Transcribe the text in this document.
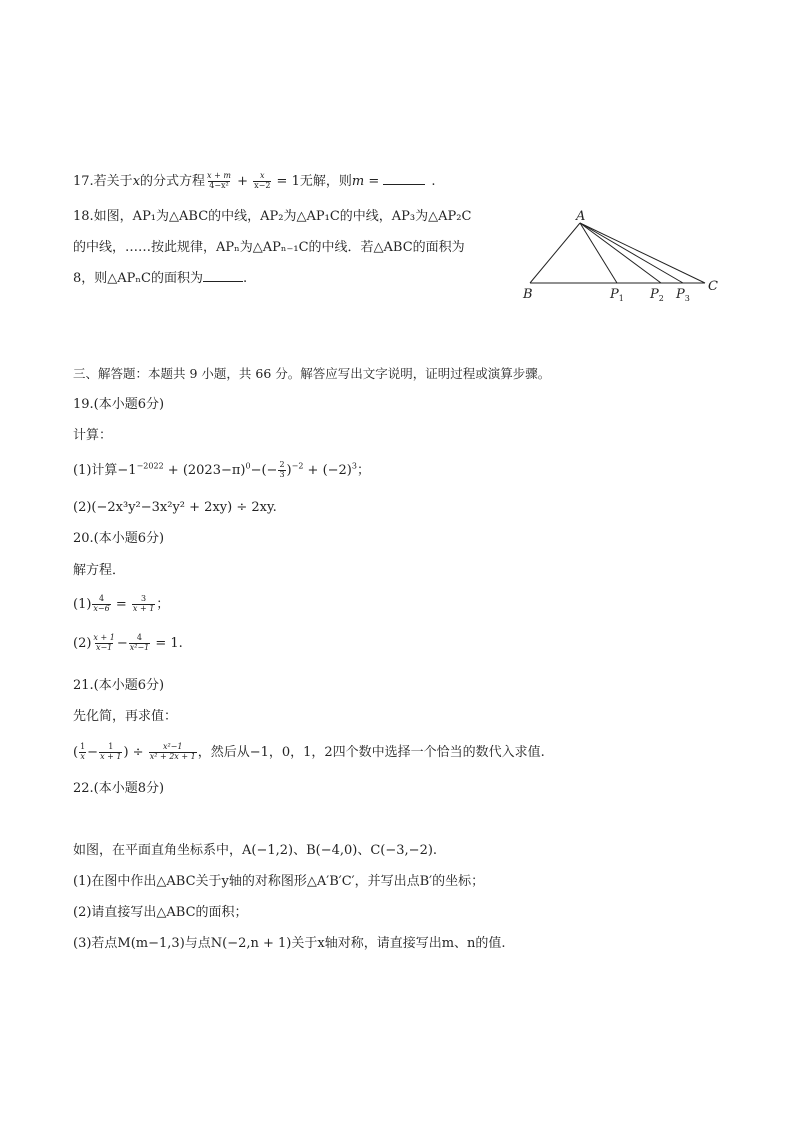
17.若关于x的分式方程 $\frac{x + m}{\text{4−x²}} + \frac{x}{x-2} = 1$无解，则m =	.
18.如图，AP₁为△ABC的中线，AP₂为△AP₁C的中线，AP₃为△AP₂C
的中线，……按此规律，APₙ为△APₙ₋₁C的中线．若△ABC的面积为
8，则△APₙC的面积为	.
A
B
C
$P_1$ $P_2$ $P_3$
三、解答题：本题共 9 小题，共 66 分。解答应写出文字说明，证明过程或演算步骤。
19.(本小题6分)
计算：
(1)计算$-1^{-2022} + (2023-\pi)^0-(- \frac{2}{3} )^{-2} + (-2)^3$；
(2)(−2x³y²−3x²y² + 2xy) ÷ 2xy.
20.(本小题6分)
解方程．
$(1) \frac{4}{x-6} = \frac{3}{x + 1}$ ；
$(2) \frac{x + 1}{x-1} - \frac{4}{\text{x²−1}} = 1$.
21.(本小题6分)
先化简，再求值：
( $\frac{1}{x} - \frac{1}{x + 1}$ ) ÷ $\frac{\text{x²−1}}{\text{x² + 2x + 1}}$ ，然后从−1，0，1，2四个数中选择一个恰当的数代入求值.
22.(本小题8分)
如图，在平面直角坐标系中，A(−1,2)、B(−4,0)、C(−3,−2).
(1)在图中作出△ABC关于y轴的对称图形△A′B′C′，并写出点B′的坐标；
(2)请直接写出△ABC的面积；
(3)若点M(m−1,3)与点N(−2,n + 1)关于x轴对称，请直接写出m、n的值.
